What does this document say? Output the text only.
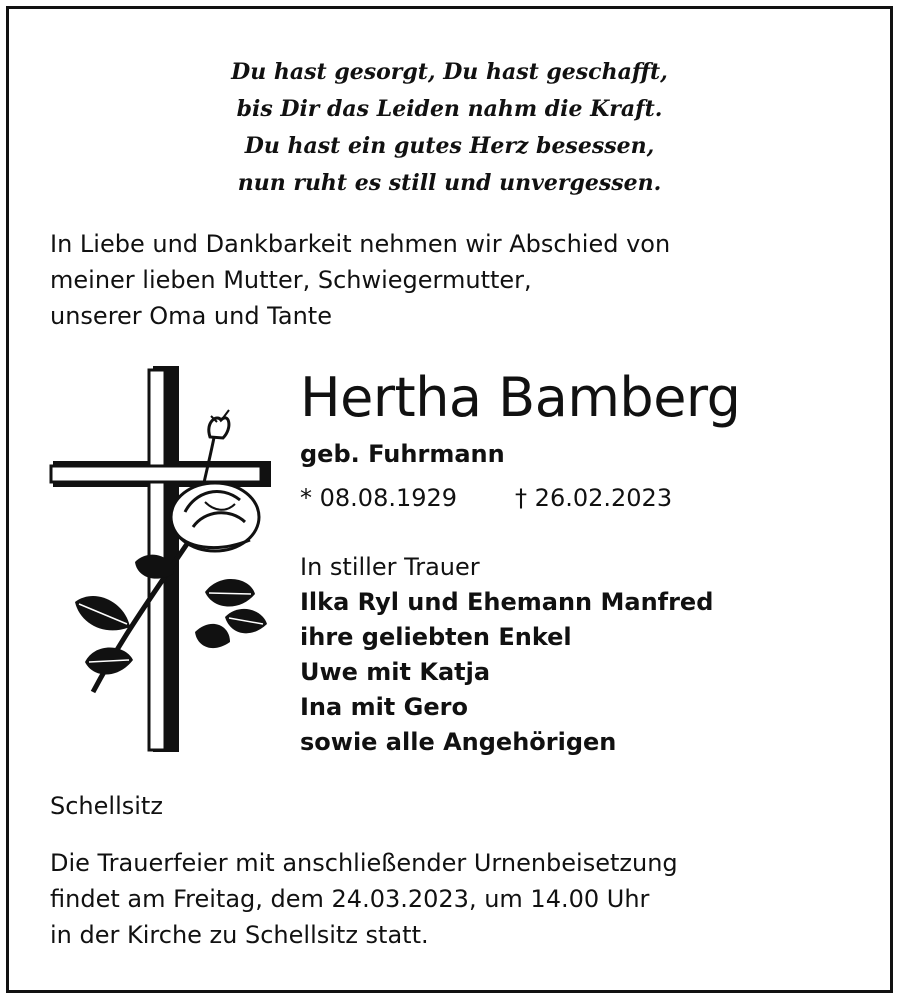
Du hast gesorgt, Du hast geschafft,
bis Dir das Leiden nahm die Kraft.
Du hast ein gutes Herz besessen,
nun ruht es still und unvergessen.
In Liebe und Dankbarkeit nehmen wir Abschied von
meiner lieben Mutter, Schwiegermutter,
unserer Oma und Tante
Hertha Bamberg
geb. Fuhrmann
* 08.08.1929 † 26.02.2023
In stiller Trauer
Ilka Ryl und Ehemann Manfred
ihre geliebten Enkel
Uwe mit Katja
Ina mit Gero
sowie alle Angehörigen
Schellsitz
Die Trauerfeier mit anschließender Urnenbeisetzung
findet am Freitag, dem 24.03.2023, um 14.00 Uhr
in der Kirche zu Schellsitz statt.
